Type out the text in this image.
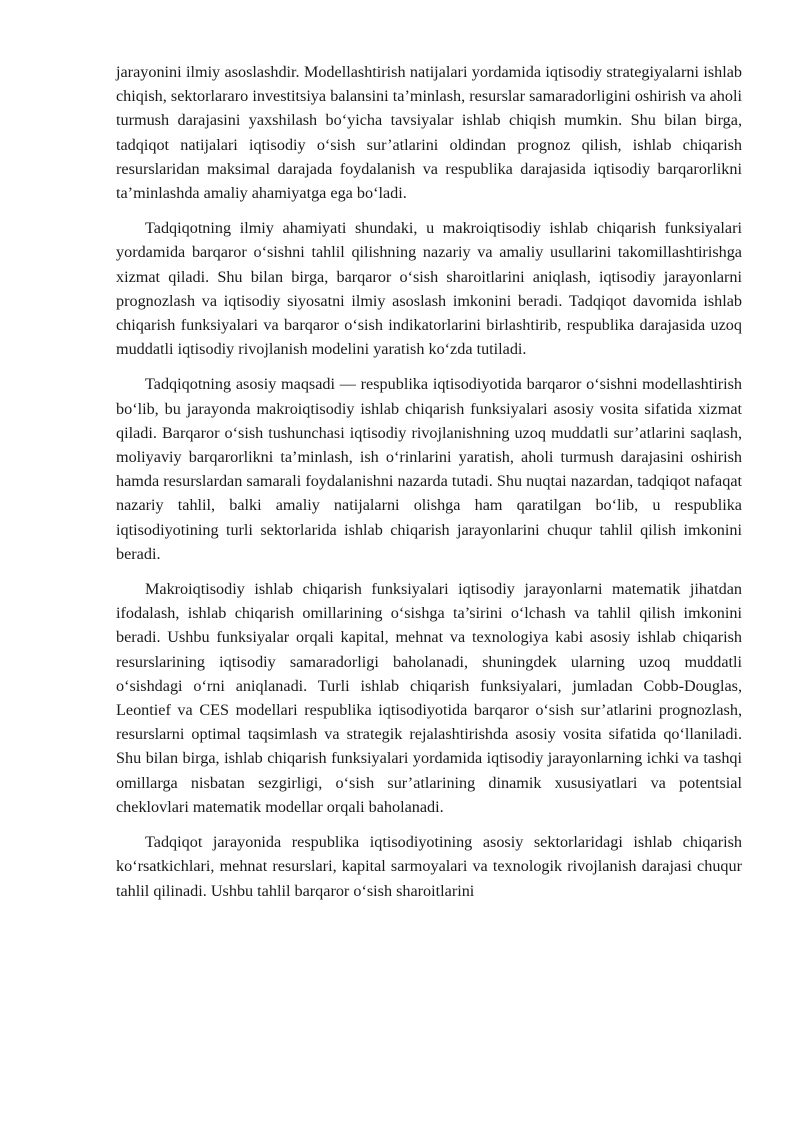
jarayonini ilmiy asoslashdir. Modellashtirish natijalari yordamida iqtisodiy strategiyalarni ishlab chiqish, sektorlararo investitsiya balansini ta’minlash, resurslar samaradorligini oshirish va aholi turmush darajasini yaxshilash bo‘yicha tavsiyalar ishlab chiqish mumkin. Shu bilan birga, tadqiqot natijalari iqtisodiy o‘sish sur’atlarini oldindan prognoz qilish, ishlab chiqarish resurslaridan maksimal darajada foydalanish va respublika darajasida iqtisodiy barqarorlikni ta’minlashda amaliy ahamiyatga ega bo‘ladi.

Tadqiqotning ilmiy ahamiyati shundaki, u makroiqtisodiy ishlab chiqarish funksiyalari yordamida barqaror o‘sishni tahlil qilishning nazariy va amaliy usullarini takomillashtirishga xizmat qiladi. Shu bilan birga, barqaror o‘sish sharoitlarini aniqlash, iqtisodiy jarayonlarni prognozlash va iqtisodiy siyosatni ilmiy asoslash imkonini beradi. Tadqiqot davomida ishlab chiqarish funksiyalari va barqaror o‘sish indikatorlarini birlashtirib, respublika darajasida uzoq muddatli iqtisodiy rivojlanish modelini yaratish ko‘zda tutiladi.

Tadqiqotning asosiy maqsadi — respublika iqtisodiyotida barqaror o‘sishni modellashtirish bo‘lib, bu jarayonda makroiqtisodiy ishlab chiqarish funksiyalari asosiy vosita sifatida xizmat qiladi. Barqaror o‘sish tushunchasi iqtisodiy rivojlanishning uzoq muddatli sur’atlarini saqlash, moliyaviy barqarorlikni ta’minlash, ish o‘rinlarini yaratish, aholi turmush darajasini oshirish hamda resurslardan samarali foydalanishni nazarda tutadi. Shu nuqtai nazardan, tadqiqot nafaqat nazariy tahlil, balki amaliy natijalarni olishga ham qaratilgan bo‘lib, u respublika iqtisodiyotining turli sektorlarida ishlab chiqarish jarayonlarini chuqur tahlil qilish imkonini beradi.

Makroiqtisodiy ishlab chiqarish funksiyalari iqtisodiy jarayonlarni matematik jihatdan ifodalash, ishlab chiqarish omillarining o‘sishga ta’sirini o‘lchash va tahlil qilish imkonini beradi. Ushbu funksiyalar orqali kapital, mehnat va texnologiya kabi asosiy ishlab chiqarish resurslarining iqtisodiy samaradorligi baholanadi, shuningdek ularning uzoq muddatli o‘sishdagi o‘rni aniqlanadi. Turli ishlab chiqarish funksiyalari, jumladan Cobb-Douglas, Leontief va CES modellari respublika iqtisodiyotida barqaror o‘sish sur’atlarini prognozlash, resurslarni optimal taqsimlash va strategik rejalashtirishda asosiy vosita sifatida qo‘llaniladi. Shu bilan birga, ishlab chiqarish funksiyalari yordamida iqtisodiy jarayonlarning ichki va tashqi omillarga nisbatan sezgirligi, o‘sish sur’atlarining dinamik xususiyatlari va potentsial cheklovlari matematik modellar orqali baholanadi.

Tadqiqot jarayonida respublika iqtisodiyotining asosiy sektorlaridagi ishlab chiqarish ko‘rsatkichlari, mehnat resurslari, kapital sarmoyalari va texnologik rivojlanish darajasi chuqur tahlil qilinadi. Ushbu tahlil barqaror o‘sish sharoitlarini
